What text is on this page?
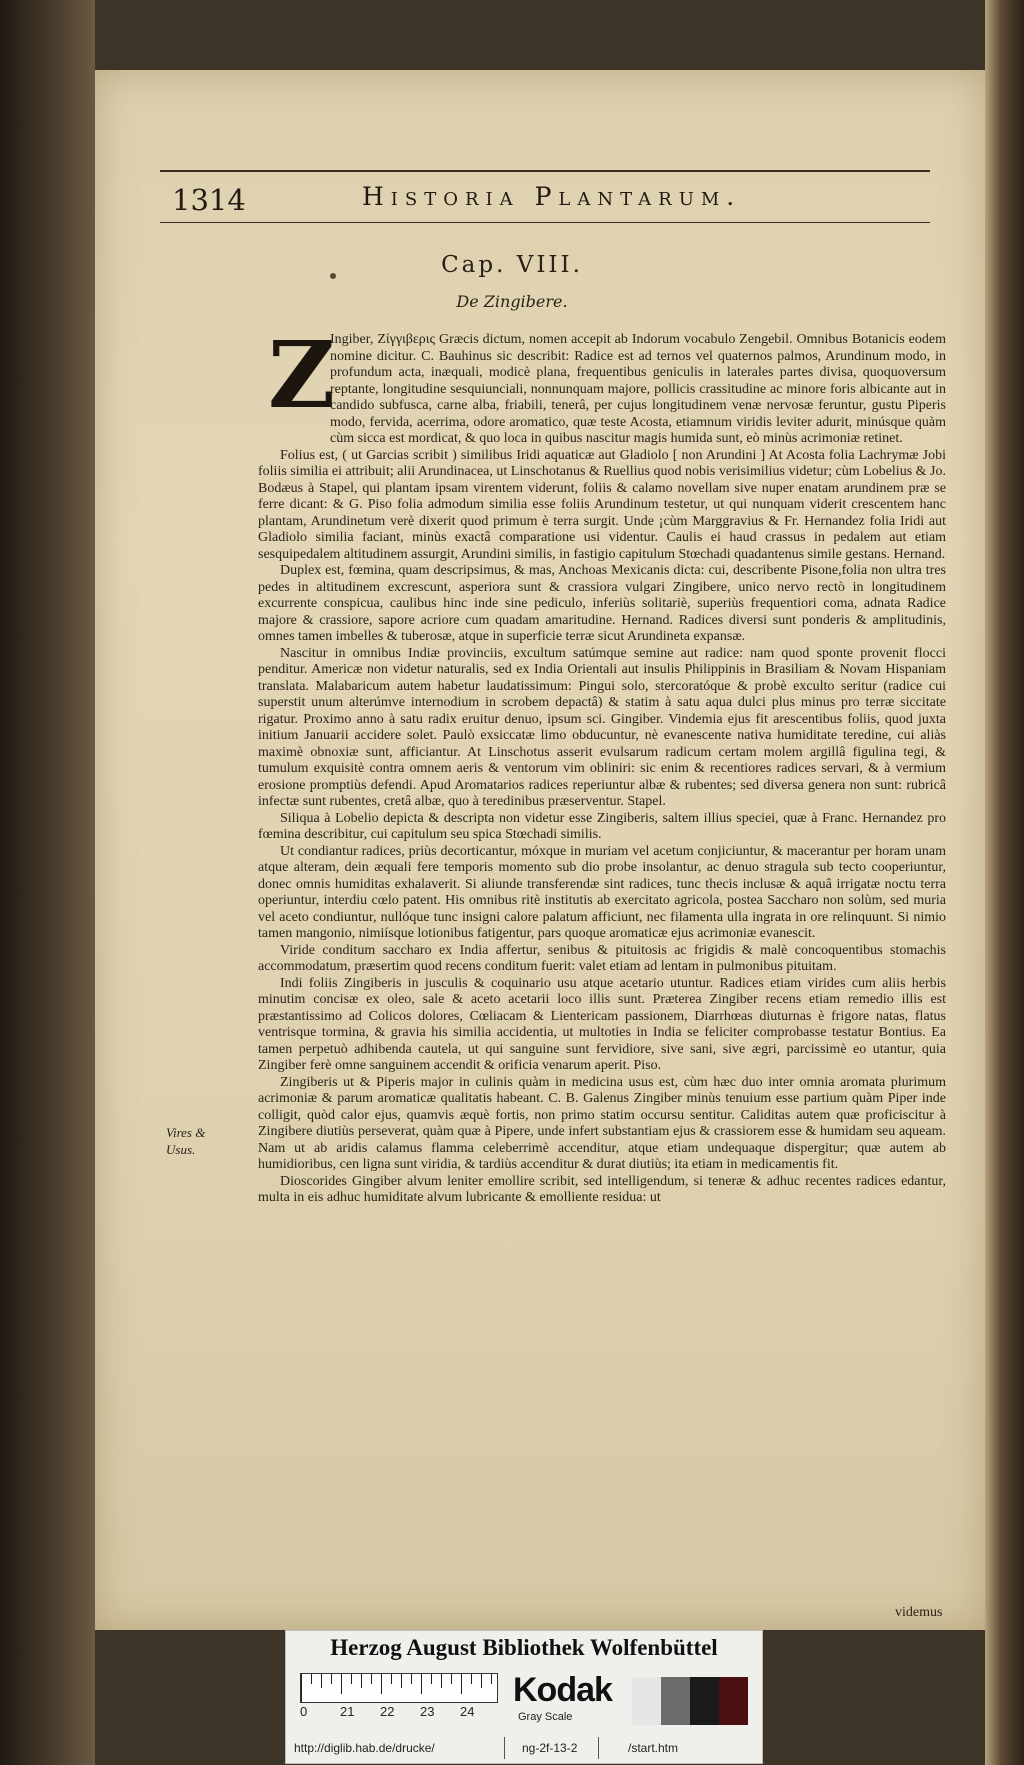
1314	Historia Plantarum.
Cap. VIII.
De Zingibere.
Z

Ingiber, Ζίγγιβερις Græcis dictum, nomen accepit ab Indorum vocabulo Zengebil. Omnibus Botanicis eodem nomine dicitur. C. Bauhinus sic describit: Radice est ad ternos vel quaternos palmos, Arundinum modo, in profundum acta, inæquali, modicè plana, frequentibus geniculis in laterales partes divisa, quoquoversum reptante, longitudine sesquiunciali, nonnunquam majore, pollicis crassitudine ac minore foris albicante aut in candido subfusca, carne alba, friabili, tenerâ, per cujus longitudinem venæ nervosæ feruntur, gustu Piperis modo, fervida, acerrima, odore aromatico, quæ teste Acosta, etiamnum viridis leviter adurit, minúsque quàm cùm sicca est mordicat, & quo loca in quibus nascitur magis humida sunt, eò minùs acrimoniæ retinet.

Folius est, ( ut Garcias scribit ) similibus Iridi aquaticæ aut Gladiolo [ non Arundini ] At Acosta folia Lachrymæ Jobi foliis similia ei attribuit; alii Arundinacea, ut Linschotanus & Ruellius quod nobis verisimilius videtur; cùm Lobelius & Jo. Bodæus à Stapel, qui plantam ipsam virentem viderunt, foliis & calamo novellam sive nuper enatam arundinem præ se ferre dicant: & G. Piso folia admodum similia esse foliis Arundinum testetur, ut qui nunquam viderit crescentem hanc plantam, Arundinetum verè dixerit quod primum è terra surgit. Unde ¡cùm Marggravius & Fr. Hernandez folia Iridi aut Gladiolo similia faciant, minùs exactâ comparatione usi videntur. Caulis ei haud crassus in pedalem aut etiam sesquipedalem altitudinem assurgit, Arundini similis, in fastigio capitulum Stœchadi quadantenus simile gestans. Hernand.

Duplex est, fœmina, quam descripsimus, & mas, Anchoas Mexicanis dicta: cui, describente Pisone,folia non ultra tres pedes in altitudinem excrescunt, asperiora sunt & crassiora vulgari Zingibere, unico nervo rectò in longitudinem excurrente conspicua, caulibus hinc inde sine pediculo, inferiùs solitariè, superiùs frequentiori coma, adnata Radice majore & crassiore, sapore acriore cum quadam amaritudine. Hernand. Radices diversi sunt ponderis & amplitudinis, omnes tamen imbelles & tuberosæ, atque in superficie terræ sicut Arundineta expansæ.

Nascitur in omnibus Indiæ provinciis, excultum satúmque semine aut radice: nam quod sponte provenit flocci penditur. Americæ non videtur naturalis, sed ex India Orientali aut insulis Philippinis in Brasiliam & Novam Hispaniam translata. Malabaricum autem habetur laudatissimum: Pingui solo, stercoratóque & probè exculto seritur (radice cui superstit unum alterúmve internodium in scrobem depactâ) & statim à satu aqua dulci plus minus pro terræ siccitate rigatur. Proximo anno à satu radix eruitur denuo, ipsum sci. Gingiber. Vindemia ejus fit arescentibus foliis, quod juxta initium Januarii accidere solet. Paulò exsiccatæ limo obducuntur, nè evanescente nativa humiditate teredine, cui aliàs maximè obnoxiæ sunt, afficiantur. At Linschotus asserit evulsarum radicum certam molem argillâ figulina tegi, & tumulum exquisitè contra omnem aeris & ventorum vim obliniri: sic enim & recentiores radices servari, & à vermium erosione promptiùs defendi. Apud Aromatarios radices reperiuntur albæ & rubentes; sed diversa genera non sunt: rubricâ infectæ sunt rubentes, cretâ albæ, quo à teredinibus præserventur. Stapel.

Siliqua à Lobelio depicta & descripta non videtur esse Zingiberis, saltem illius speciei, quæ à Franc. Hernandez pro fœmina describitur, cui capitulum seu spica Stœchadi similis.

Ut condiantur radices, priùs decorticantur, móxque in muriam vel acetum conjiciuntur, & macerantur per horam unam atque alteram, dein æquali fere temporis momento sub dio probe insolantur, ac denuo stragula sub tecto cooperiuntur, donec omnis humiditas exhalaverit. Si aliunde transferendæ sint radices, tunc thecis inclusæ & aquâ irrigatæ noctu terra operiuntur, interdiu cœlo patent. His omnibus ritè institutis ab exercitato agricola, postea Saccharo non solùm, sed muria vel aceto condiuntur, nullóque tunc insigni calore palatum afficiunt, nec filamenta ulla ingrata in ore relinquunt. Si nimio tamen mangonio, nimiísque lotionibus fatigentur, pars quoque aromaticæ ejus acrimoniæ evanescit.

Viride conditum saccharo ex India affertur, senibus & pituitosis ac frigidis & malè concoquentibus stomachis accommodatum, præsertim quod recens conditum fuerit: valet etiam ad lentam in pulmonibus pituitam.

Indi foliis Zingiberis in jusculis & coquinario usu atque acetario utuntur. Radices etiam virides cum aliis herbis minutim concisæ ex oleo, sale & aceto acetarii loco illis sunt. Præterea Zingiber recens etiam remedio illis est præstantissimo ad Colicos dolores, Cœliacam & Lientericam passionem, Diarrhœas diuturnas è frigore natas, flatus ventrisque tormina, & gravia his similia accidentia, ut multoties in India se feliciter comprobasse testatur Bontius. Ea tamen perpetuò adhibenda cautela, ut qui sanguine sunt fervidiore, sive sani, sive ægri, parcissimè eo utantur, quia Zingiber ferè omne sanguinem accendit & orificia venarum aperit. Piso.

Zingiberis ut & Piperis major in culinis quàm in medicina usus est, cùm hæc duo inter omnia aromata plurimum acrimoniæ & parum aromaticæ qualitatis habeant. C. B. Galenus Zingiber minùs tenuium esse partium quàm Piper inde colligit, quòd calor ejus, quamvis æquè fortis, non primo statim occursu sentitur. Caliditas autem quæ proficiscitur à Zingibere diutiùs perseverat, quàm quæ à Pipere, unde infert substantiam ejus & crassiorem esse & humidam seu aqueam. Nam ut ab aridis calamus flamma celeberrimè accenditur, atque etiam undequaque dispergitur; quæ autem ab humidioribus, cen ligna sunt viridia, & tardiùs accenditur & durat diutiùs; ita etiam in medicamentis fit.

Dioscorides Gingiber alvum leniter emollire scribit, sed intelligendum, si teneræ & adhuc recentes radices edantur, multa in eis adhuc humiditate alvum lubricante & emolliente residua: ut

Vires &
Usus.
videmus
Herzog August Bibliothek Wolfenbüttel
0	21 22 23 24
Kodak
Gray Scale
http://diglib.hab.de/drucke/	ng-2f-13-2	/start.htm
